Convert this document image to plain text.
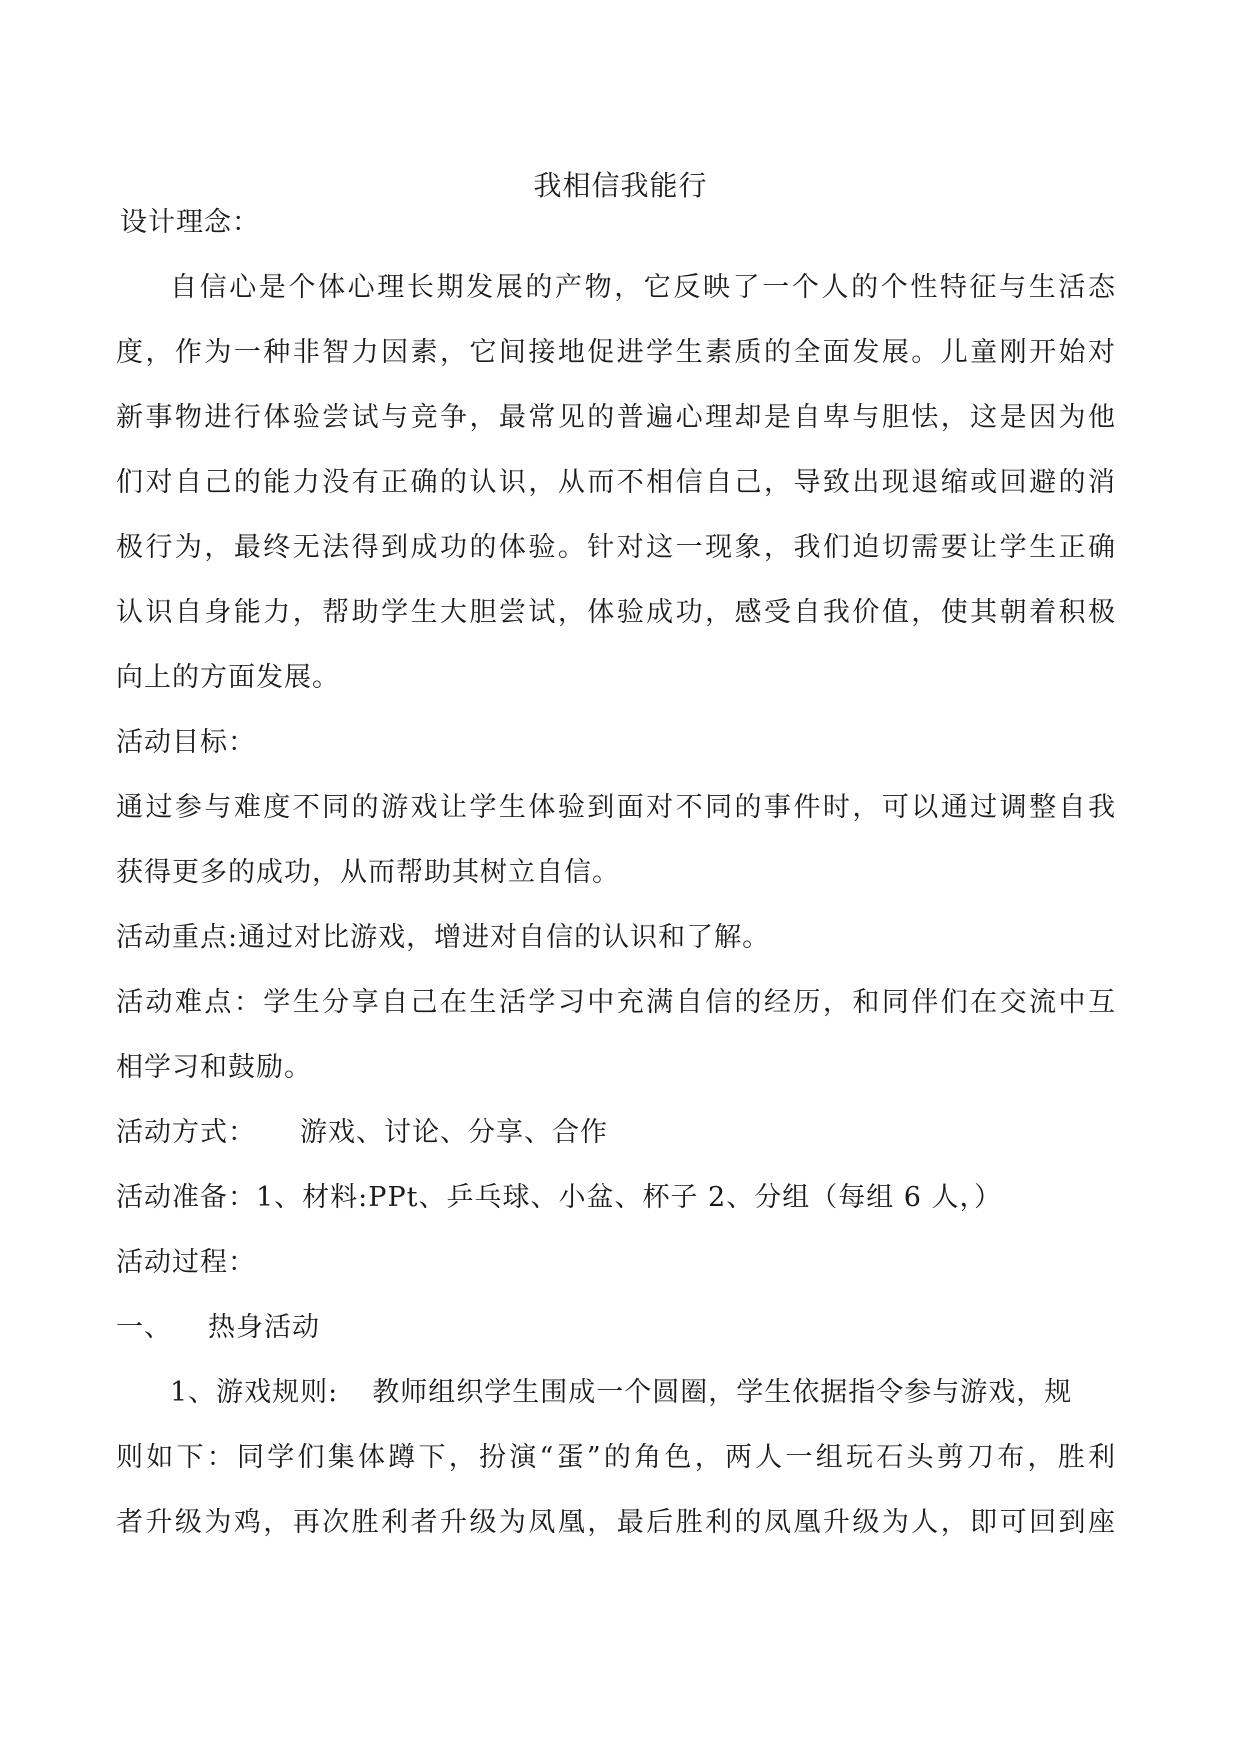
我相信我能行
设计理念：
自信心是个体心理长期发展的产物，它反映了一个人的个性特征与生活态
度，作为一种非智力因素，它间接地促进学生素质的全面发展。儿童刚开始对
新事物进行体验尝试与竞争，最常见的普遍心理却是自卑与胆怯，这是因为他
们对自己的能力没有正确的认识，从而不相信自己，导致出现退缩或回避的消
极行为，最终无法得到成功的体验。针对这一现象，我们迫切需要让学生正确
认识自身能力，帮助学生大胆尝试，体验成功，感受自我价值，使其朝着积极
向上的方面发展。
活动目标：
通过参与难度不同的游戏让学生体验到面对不同的事件时，可以通过调整自我
获得更多的成功，从而帮助其树立自信。
活动重点:通过对比游戏，增进对自信的认识和了解。
活动难点：学生分享自己在生活学习中充满自信的经历，和同伴们在交流中互
相学习和鼓励。
活动方式： 游戏、讨论、分享、合作
活动准备：1、材料:PPt、乒乓球、小盆、杯子 2、分组（每组 6 人，）
活动过程：
一、 热身活动
1、游戏规则: 教师组织学生围成一个圆圈，学生依据指令参与游戏，规
则如下：同学们集体蹲下，扮演“蛋”的角色，两人一组玩石头剪刀布，胜利
者升级为鸡，再次胜利者升级为凤凰，最后胜利的凤凰升级为人，即可回到座
